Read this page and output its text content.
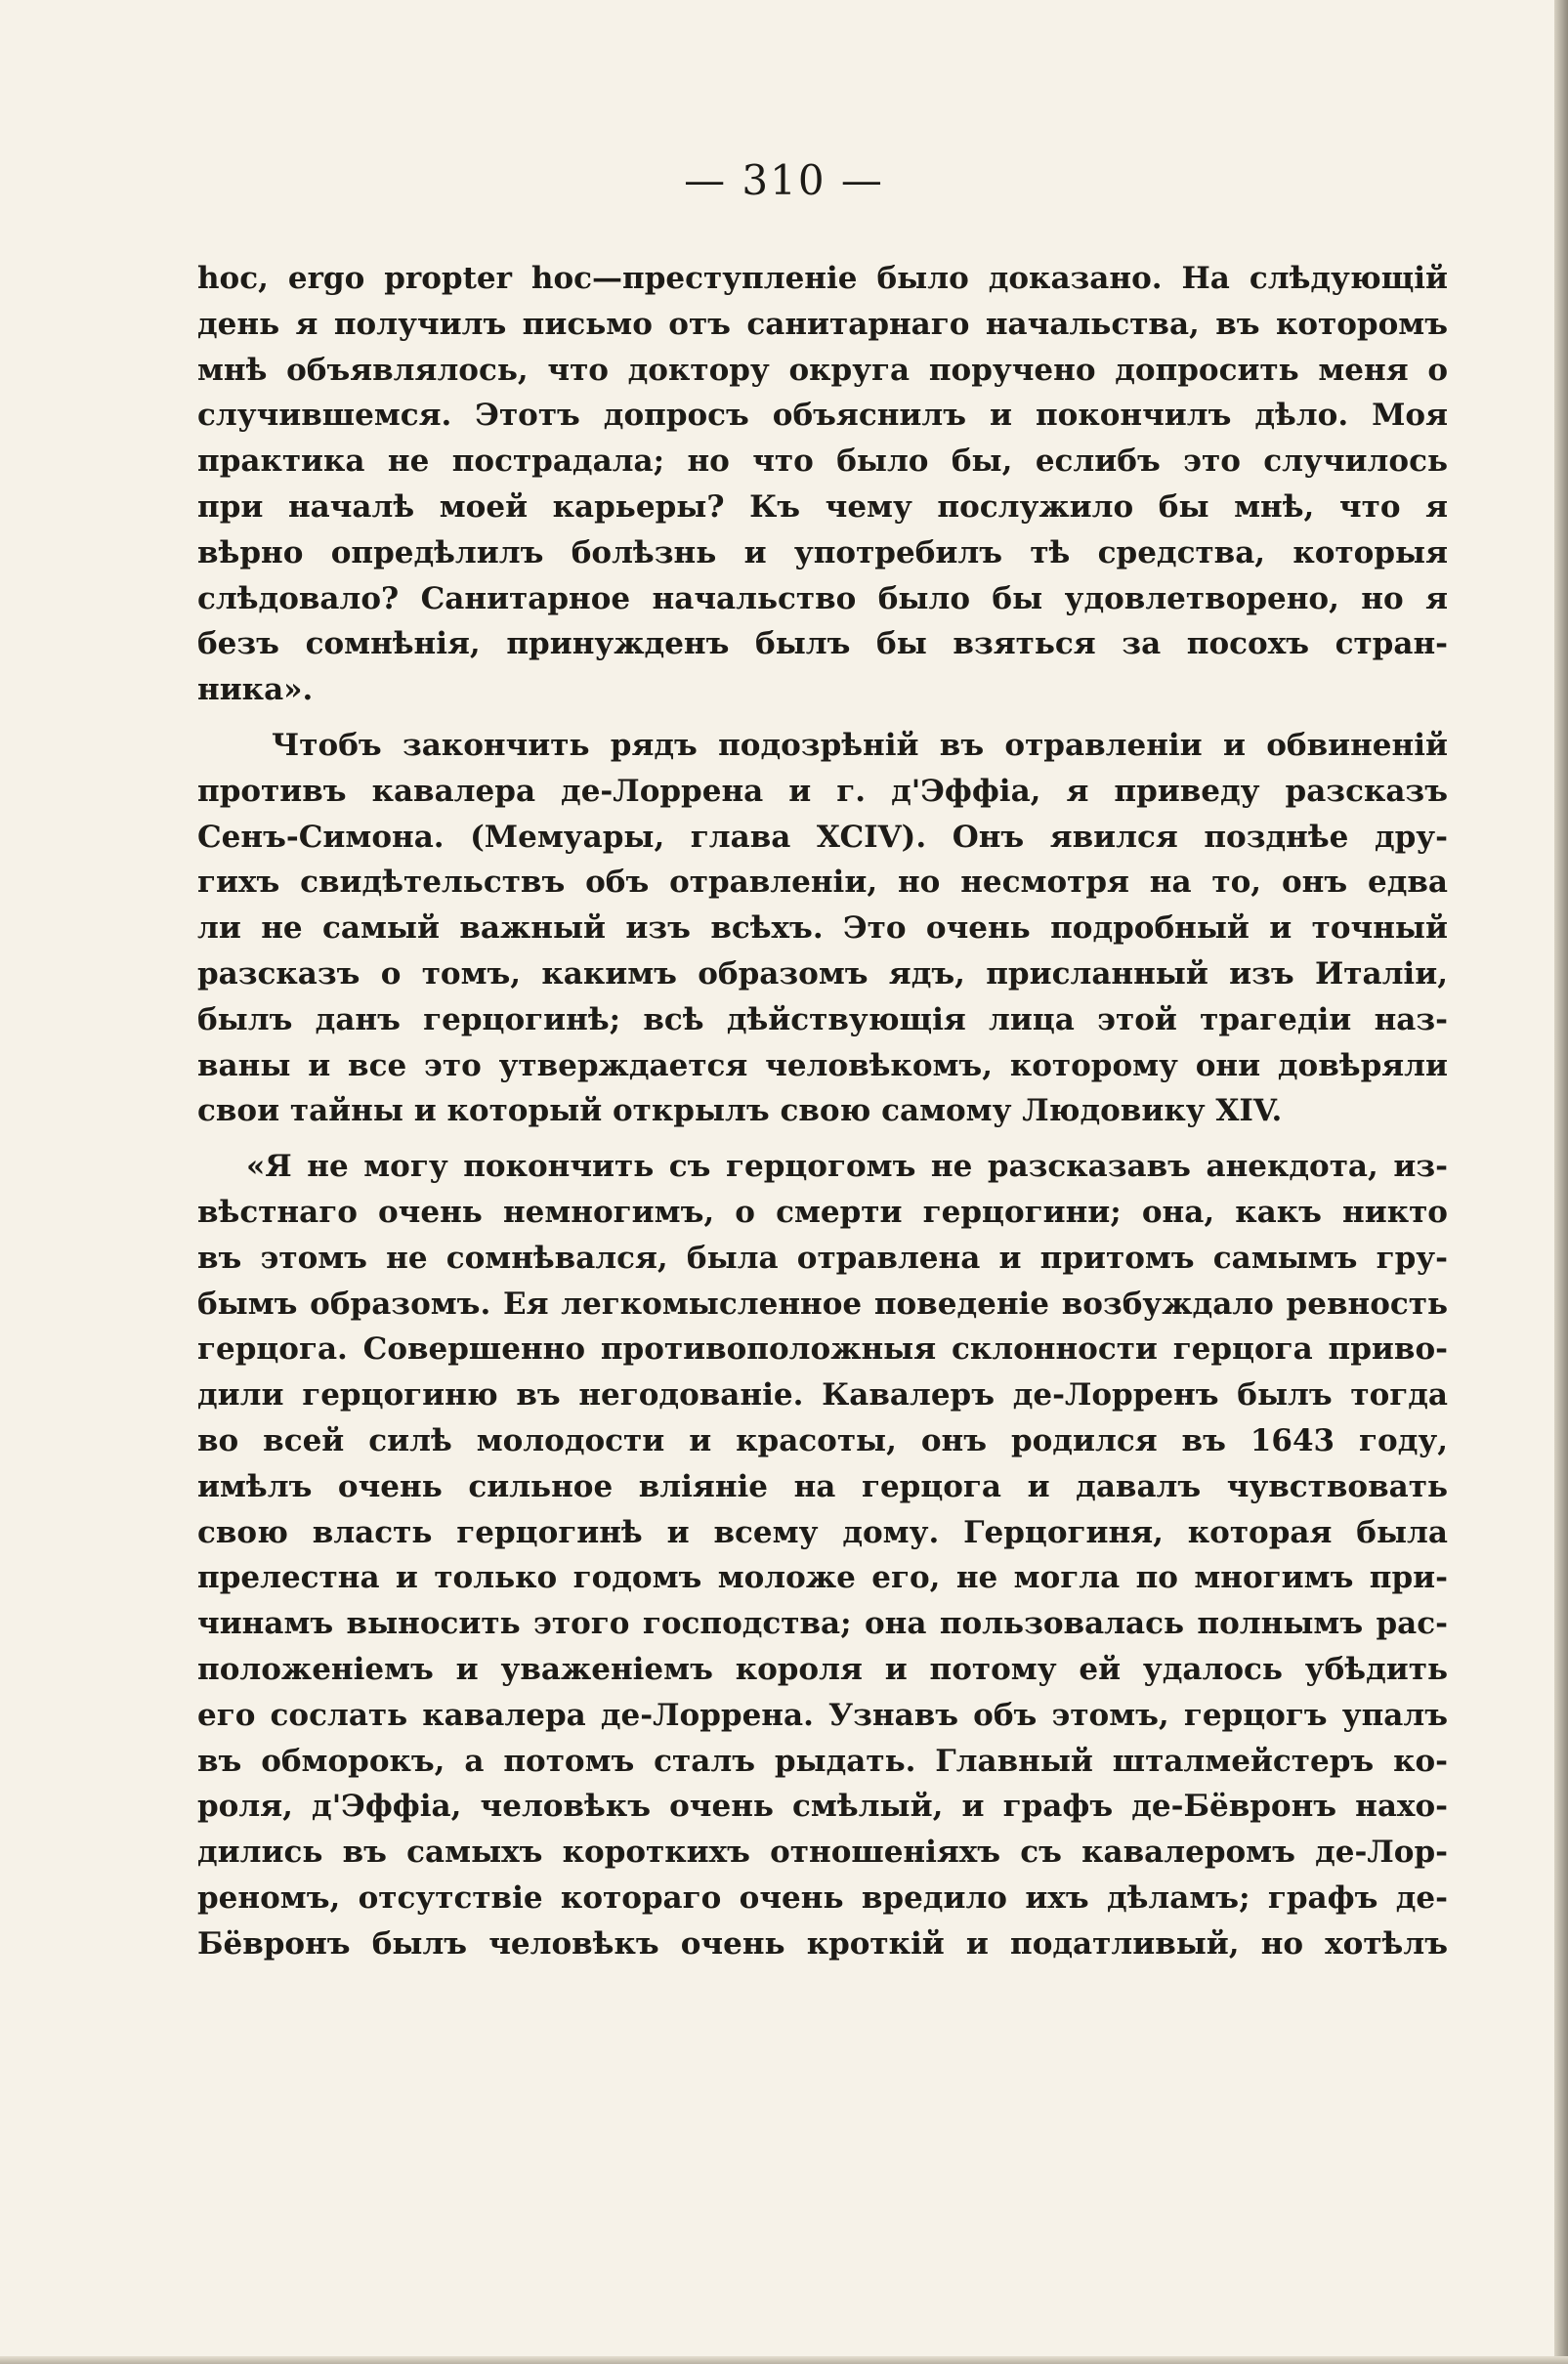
— 310 —
hoc, ergo propter hoc—преступленіе было доказано. На слѣдующій
день я получилъ письмо отъ санитарнаго начальства, въ которомъ
мнѣ объявлялось, что доктору округа поручено допросить меня о
случившемся. Этотъ допросъ объяснилъ и покончилъ дѣло. Моя
практика не пострадала; но что было бы, еслибъ это случилось
при началѣ моей карьеры? Къ чему послужило бы мнѣ, что я
вѣрно опредѣлилъ болѣзнь и употребилъ тѣ средства, которыя
слѣдовало? Санитарное начальство было бы удовлетворено, но я
безъ сомнѣнія, принужденъ былъ бы взяться за посохъ стран-
ника».
Чтобъ закончить рядъ подозрѣній въ отравленіи и обвиненій
противъ кавалера де-Лоррена и г. д'Эффіа, я приведу разсказъ
Сенъ-Симона. (Мемуары, глава XCIV). Онъ явился позднѣе дру-
гихъ свидѣтельствъ объ отравленіи, но несмотря на то, онъ едва
ли не самый важный изъ всѣхъ. Это очень подробный и точный
разсказъ о томъ, какимъ образомъ ядъ, присланный изъ Италіи,
былъ данъ герцогинѣ; всѣ дѣйствующія лица этой трагедіи наз-
ваны и все это утверждается человѣкомъ, которому они довѣряли
свои тайны и который открылъ свою самому Людовику XIV.
«Я не могу покончить съ герцогомъ не разсказавъ анекдота, из-
вѣстнаго очень немногимъ, о смерти герцогини; она, какъ никто
въ этомъ не сомнѣвался, была отравлена и притомъ самымъ гру-
бымъ образомъ. Ея легкомысленное поведеніе возбуждало ревность
герцога. Совершенно противоположныя склонности герцога приво-
дили герцогиню въ негодованіе. Кавалеръ де-Лорренъ былъ тогда
во всей силѣ молодости и красоты, онъ родился въ 1643 году,
имѣлъ очень сильное вліяніе на герцога и давалъ чувствовать
свою власть герцогинѣ и всему дому. Герцогиня, которая была
прелестна и только годомъ моложе его, не могла по многимъ при-
чинамъ выносить этого господства; она пользовалась полнымъ рас-
положеніемъ и уваженіемъ короля и потому ей удалось убѣдить
его сослать кавалера де-Лоррена. Узнавъ объ этомъ, герцогъ упалъ
въ обморокъ, а потомъ сталъ рыдать. Главный шталмейстеръ ко-
роля, д'Эффіа, человѣкъ очень смѣлый, и графъ де-Бёвронъ нахо-
дились въ самыхъ короткихъ отношеніяхъ съ кавалеромъ де-Лор-
реномъ, отсутствіе котораго очень вредило ихъ дѣламъ; графъ де-
Бёвронъ былъ человѣкъ очень кроткій и податливый, но хотѣлъ
